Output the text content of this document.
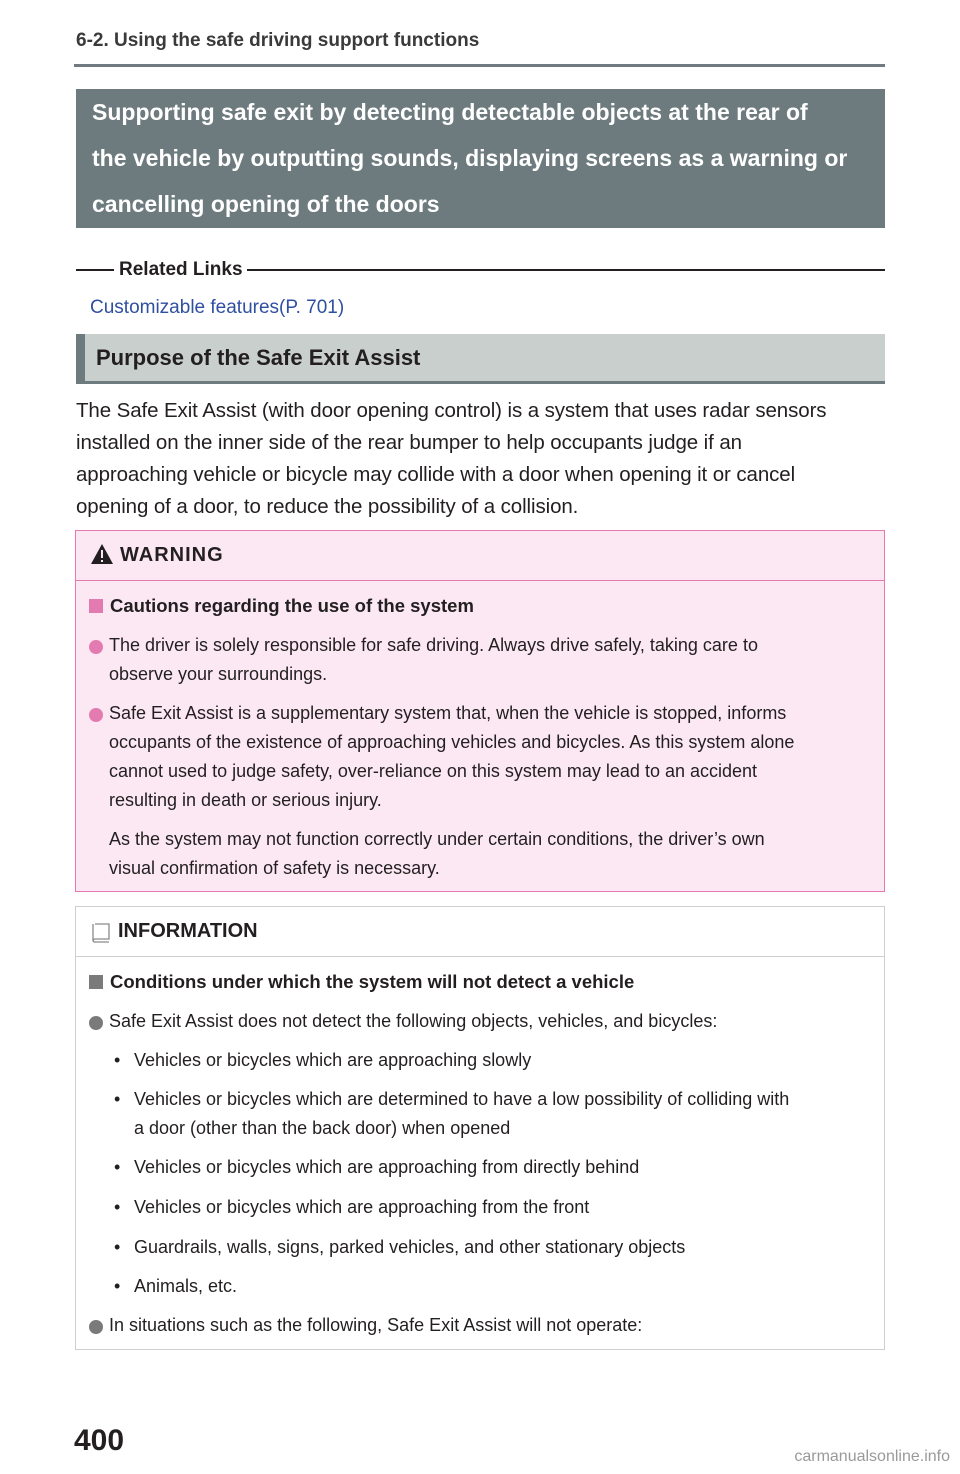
6-2. Using the safe driving support functions
Supporting safe exit by detecting detectable objects at the rear of
the vehicle by outputting sounds, displaying screens as a warning or
cancelling opening of the doors
Related Links
Customizable features(P. 701)
Purpose of the Safe Exit Assist
The Safe Exit Assist (with door opening control) is a system that uses radar sensors
installed on the inner side of the rear bumper to help occupants judge if an
approaching vehicle or bicycle may collide with a door when opening it or cancel
opening of a door, to reduce the possibility of a collision.
WARNING
Cautions regarding the use of the system
The driver is solely responsible for safe driving. Always drive safely, taking care to
observe your surroundings.
Safe Exit Assist is a supplementary system that, when the vehicle is stopped, informs
occupants of the existence of approaching vehicles and bicycles. As this system alone
cannot used to judge safety, over-reliance on this system may lead to an accident
resulting in death or serious injury.
As the system may not function correctly under certain conditions, the driver’s own
visual confirmation of safety is necessary.
INFORMATION
Conditions under which the system will not detect a vehicle
Safe Exit Assist does not detect the following objects, vehicles, and bicycles:
• Vehicles or bicycles which are approaching slowly
• Vehicles or bicycles which are determined to have a low possibility of colliding with
a door (other than the back door) when opened
• Vehicles or bicycles which are approaching from directly behind
• Vehicles or bicycles which are approaching from the front
• Guardrails, walls, signs, parked vehicles, and other stationary objects
• Animals, etc.
In situations such as the following, Safe Exit Assist will not operate:
400	carmanualsonline.info
